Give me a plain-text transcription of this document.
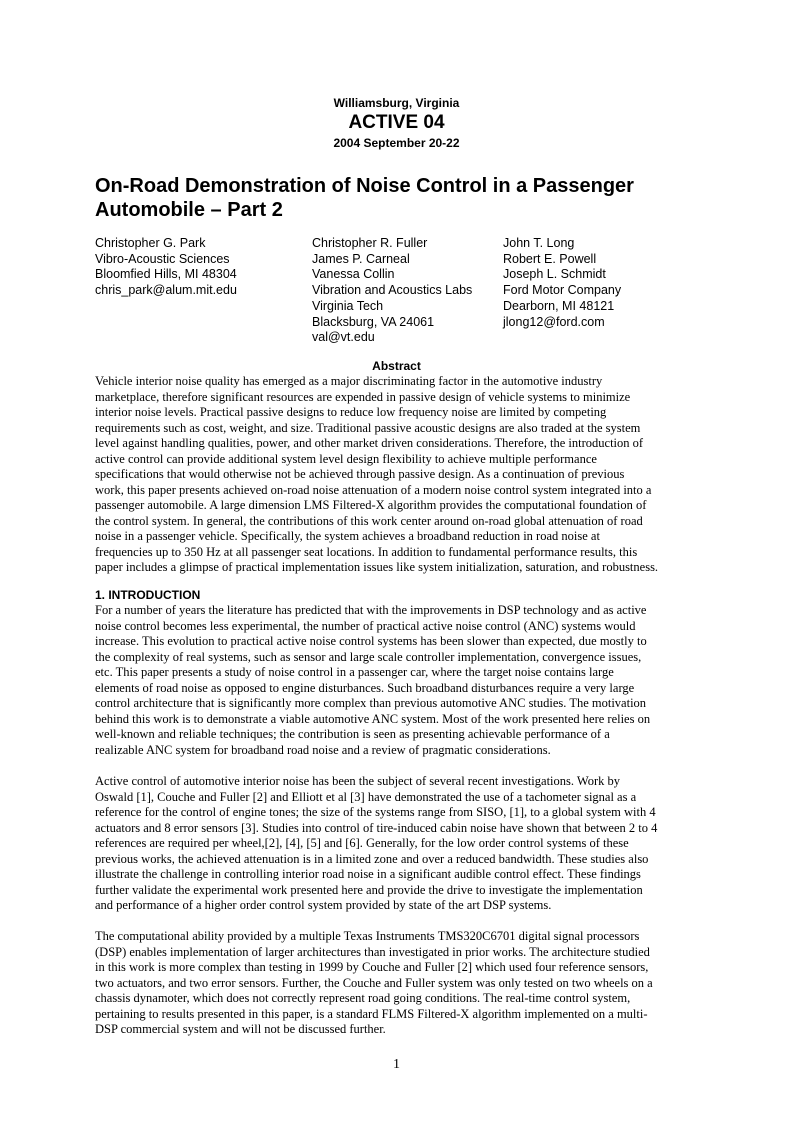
Williamsburg, Virginia
ACTIVE 04
2004 September 20-22
On-Road Demonstration of Noise Control in a Passenger Automobile – Part 2
Christopher G. Park
Vibro-Acoustic Sciences
Bloomfied Hills, MI 48304
chris_park@alum.mit.edu
Christopher R. Fuller
James P. Carneal
Vanessa Collin
Vibration and Acoustics Labs
Virginia Tech
Blacksburg, VA 24061
val@vt.edu
John T. Long
Robert E. Powell
Joseph L. Schmidt
Ford Motor Company
Dearborn, MI 48121
jlong12@ford.com
Abstract
Vehicle interior noise quality has emerged as a major discriminating factor in the automotive industry
marketplace, therefore significant resources are expended in passive design of vehicle systems to minimize
interior noise levels. Practical passive designs to reduce low frequency noise are limited by competing
requirements such as cost, weight, and size. Traditional passive acoustic designs are also traded at the system
level against handling qualities, power, and other market driven considerations. Therefore, the introduction of
active control can provide additional system level design flexibility to achieve multiple performance
specifications that would otherwise not be achieved through passive design. As a continuation of previous
work, this paper presents achieved on-road noise attenuation of a modern noise control system integrated into a
passenger automobile. A large dimension LMS Filtered-X algorithm provides the computational foundation of
the control system. In general, the contributions of this work center around on-road global attenuation of road
noise in a passenger vehicle. Specifically, the system achieves a broadband reduction in road noise at
frequencies up to 350 Hz at all passenger seat locations. In addition to fundamental performance results, this
paper includes a glimpse of practical implementation issues like system initialization, saturation, and robustness.
1. INTRODUCTION
For a number of years the literature has predicted that with the improvements in DSP technology and as active
noise control becomes less experimental, the number of practical active noise control (ANC) systems would
increase. This evolution to practical active noise control systems has been slower than expected, due mostly to
the complexity of real systems, such as sensor and large scale controller implementation, convergence issues,
etc. This paper presents a study of noise control in a passenger car, where the target noise contains large
elements of road noise as opposed to engine disturbances. Such broadband disturbances require a very large
control architecture that is significantly more complex than previous automotive ANC studies. The motivation
behind this work is to demonstrate a viable automotive ANC system. Most of the work presented here relies on
well-known and reliable techniques; the contribution is seen as presenting achievable performance of a
realizable ANC system for broadband road noise and a review of pragmatic considerations.
Active control of automotive interior noise has been the subject of several recent investigations. Work by
Oswald [1], Couche and Fuller [2] and Elliott et al [3] have demonstrated the use of a tachometer signal as a
reference for the control of engine tones; the size of the systems range from SISO, [1], to a global system with 4
actuators and 8 error sensors [3]. Studies into control of tire-induced cabin noise have shown that between 2 to 4
references are required per wheel,[2], [4], [5] and [6]. Generally, for the low order control systems of these
previous works, the achieved attenuation is in a limited zone and over a reduced bandwidth. These studies also
illustrate the challenge in controlling interior road noise in a significant audible control effect. These findings
further validate the experimental work presented here and provide the drive to investigate the implementation
and performance of a higher order control system provided by state of the art DSP systems.
The computational ability provided by a multiple Texas Instruments TMS320C6701 digital signal processors
(DSP) enables implementation of larger architectures than investigated in prior works. The architecture studied
in this work is more complex than testing in 1999 by Couche and Fuller [2] which used four reference sensors,
two actuators, and two error sensors. Further, the Couche and Fuller system was only tested on two wheels on a
chassis dynamoter, which does not correctly represent road going conditions. The real-time control system,
pertaining to results presented in this paper, is a standard FLMS Filtered-X algorithm implemented on a multi-
DSP commercial system and will not be discussed further.
1
